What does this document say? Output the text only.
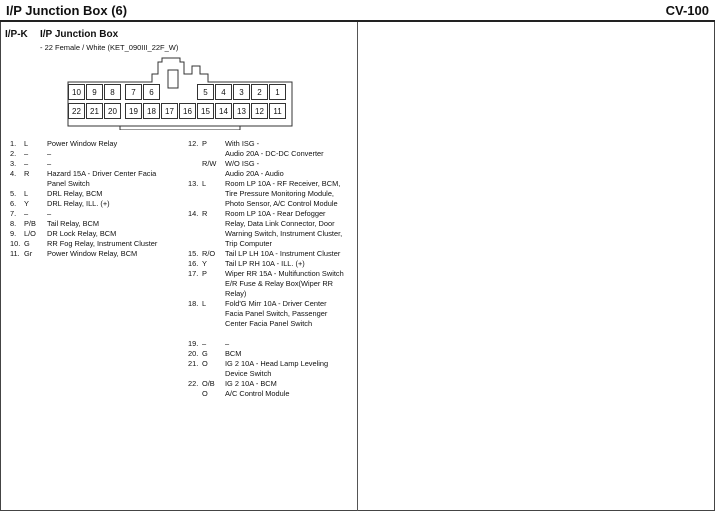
I/P Junction Box (6)	CV-100
I/P-K I/P Junction Box
- 22 Female / White (KET_090III_22F_W)
10	9	8	7	6	5	4	3	2	1
22	21	20	19	18	17	16	15	14	13	12	11
1. L	Power Window Relay
2. –	–
3. –	–
4. R Hazard 15A - Driver Center Facia
Panel Switch
5. L	DRL Relay, BCM
6. Y DRL Relay, ILL. (+)
7. –	–
8. P/B Tail Relay, BCM
9. L/O DR Lock Relay, BCM
10. G RR Fog Relay, Instrument Cluster
11. Gr Power Window Relay, BCM
12. P With ISG -
Audio 20A - DC-DC Converter
R/W W/O ISG -
Audio 20A - Audio
13. L	Room LP 10A - RF Receiver, BCM,
Tire Pressure Monitoring Module,
Photo Sensor, A/C Control Module
14. R Room LP 10A - Rear Defogger
Relay, Data Link Connector, Door
Warning Switch, Instrument Cluster,
Trip Computer
15. R/O Tail LP LH 10A - Instrument Cluster
16. Y Tail LP RH 10A - ILL. (+)
17. P Wiper RR 15A - Multifunction Switch
E/R Fuse & Relay Box(Wiper RR
Relay)
18. L	Fold'G Mirr 10A - Driver Center
Facia Panel Switch, Passenger
Center Facia Panel Switch
19. –	–
20. G BCM
21. O IG 2 10A - Head Lamp Leveling
Device Switch
22. O/B IG 2 10A - BCM
O A/C Control Module
